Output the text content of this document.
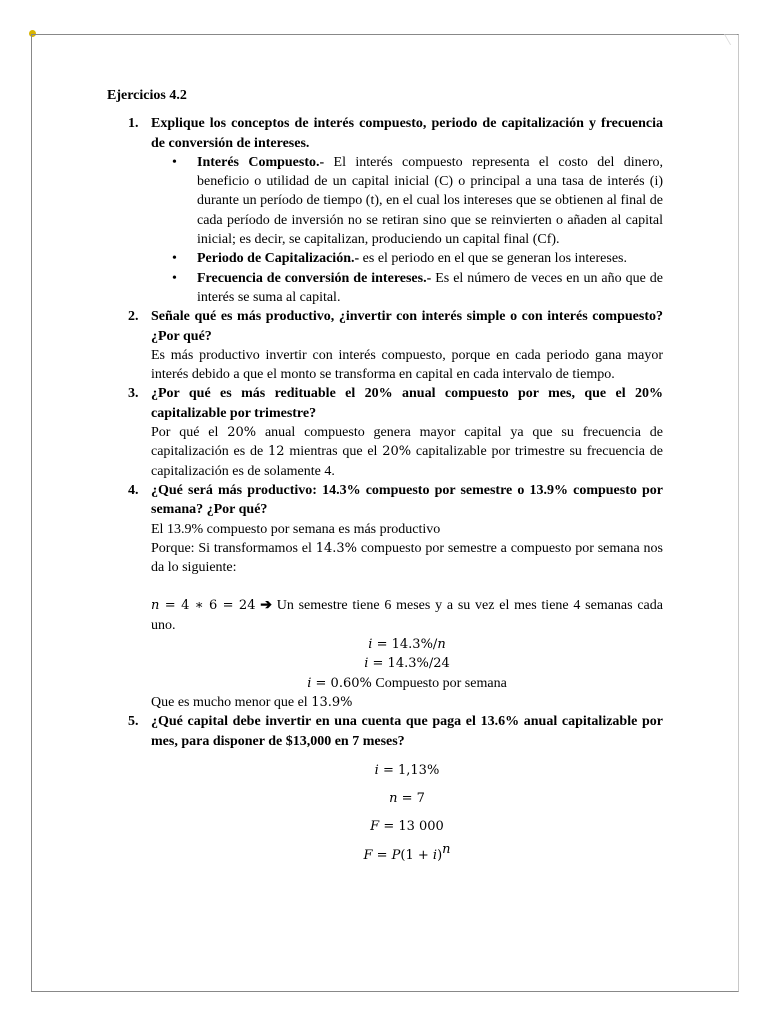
Ejercicios 4.2
1. Explique los conceptos de interés compuesto, periodo de capitalización y frecuencia de conversión de intereses.
• Interés Compuesto.- El interés compuesto representa el costo del dinero, beneficio o utilidad de un capital inicial (C) o principal a una tasa de interés (i) durante un período de tiempo (t), en el cual los intereses que se obtienen al final de cada período de inversión no se retiran sino que se reinvierten o añaden al capital inicial; es decir, se capitalizan, produciendo un capital final (Cf).
• Periodo de Capitalización.- es el periodo en el que se generan los intereses.
• Frecuencia de conversión de intereses.- Es el número de veces en un año que de interés se suma al capital.
2. Señale qué es más productivo, ¿invertir con interés simple o con interés compuesto? ¿Por qué?
Es más productivo invertir con interés compuesto, porque en cada periodo gana mayor interés debido a que el monto se transforma en capital en cada intervalo de tiempo.
3. ¿Por qué es más redituable el 20% anual compuesto por mes, que el 20% capitalizable por trimestre?
Por qué el 20% anual compuesto genera mayor capital ya que su frecuencia de capitalización es de 12 mientras que el 20% capitalizable por trimestre su frecuencia de capitalización es de solamente 4.
4. ¿Qué será más productivo: 14.3% compuesto por semestre o 13.9% compuesto por semana? ¿Por qué?
El 13.9% compuesto por semana es más productivo
Porque: Si transformamos el 14.3% compuesto por semestre a compuesto por semana nos da lo siguiente:
n = 4 ∗ 6 = 24 ➔ Un semestre tiene 6 meses y a su vez el mes tiene 4 semanas cada uno.
i = 14.3%/n
i = 14.3%/24
i = 0.60% Compuesto por semana
Que es mucho menor que el 13.9%
5. ¿Qué capital debe invertir en una cuenta que paga el 13.6% anual capitalizable por mes, para disponer de $13,000 en 7 meses?
i = 1,13%
n = 7
F = 13 000
$F = P(1 + i)^n$
